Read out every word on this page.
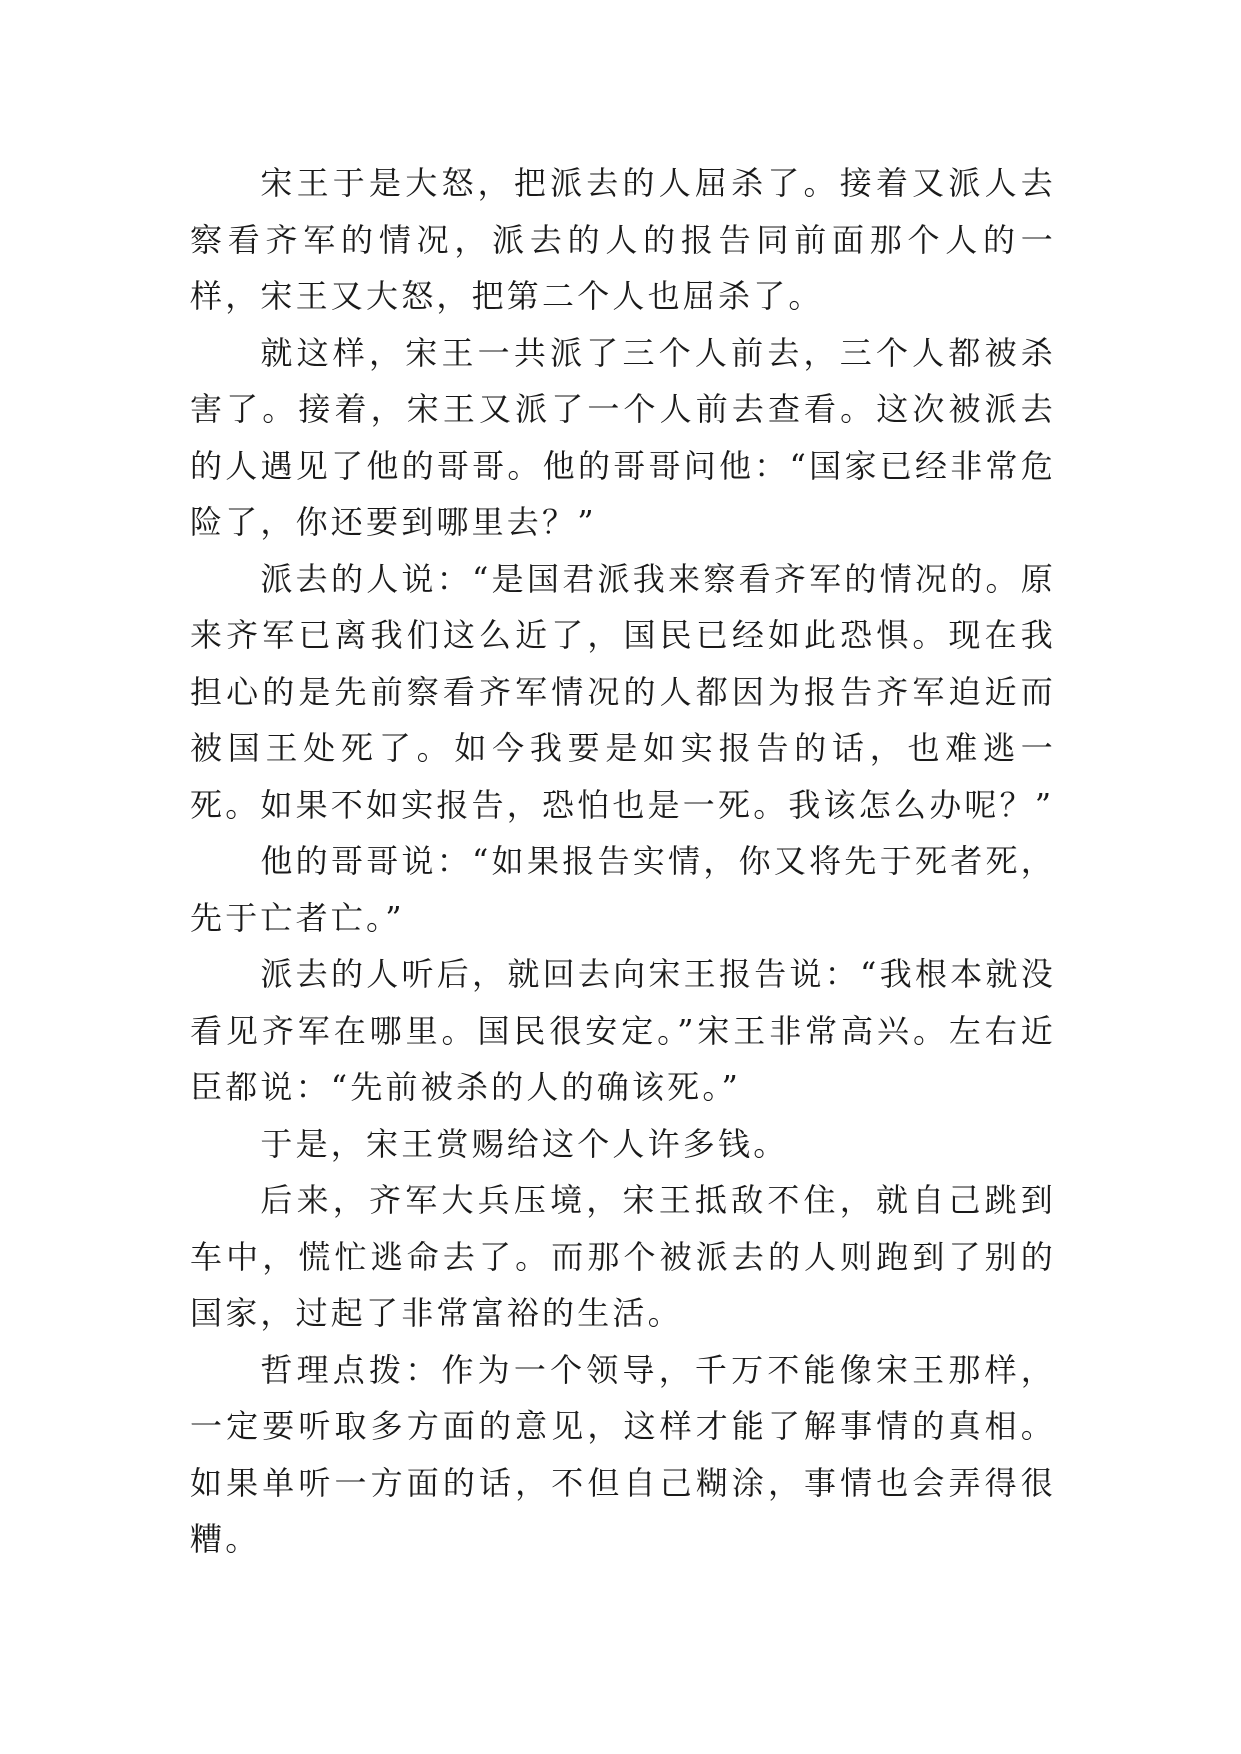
宋王于是大怒，把派去的人屈杀了。接着又派人去察看齐军的情况，派去的人的报告同前面那个人的一样，宋王又大怒，把第二个人也屈杀了。

就这样，宋王一共派了三个人前去，三个人都被杀害了。接着，宋王又派了一个人前去查看。这次被派去的人遇见了他的哥哥。他的哥哥问他：“国家已经非常危险了，你还要到哪里去？”

派去的人说：“是国君派我来察看齐军的情况的。原来齐军已离我们这么近了，国民已经如此恐惧。现在我担心的是先前察看齐军情况的人都因为报告齐军迫近而被国王处死了。如今我要是如实报告的话，也难逃一死。如果不如实报告，恐怕也是一死。我该怎么办呢？”

他的哥哥说：“如果报告实情，你又将先于死者死，先于亡者亡。”

派去的人听后，就回去向宋王报告说：“我根本就没看见齐军在哪里。国民很安定。”宋王非常高兴。左右近臣都说：“先前被杀的人的确该死。”

于是，宋王赏赐给这个人许多钱。

后来，齐军大兵压境，宋王抵敌不住，就自己跳到车中，慌忙逃命去了。而那个被派去的人则跑到了别的国家，过起了非常富裕的生活。

哲理点拨：作为一个领导，千万不能像宋王那样，一定要听取多方面的意见，这样才能了解事情的真相。如果单听一方面的话，不但自己糊涂，事情也会弄得很糟。
